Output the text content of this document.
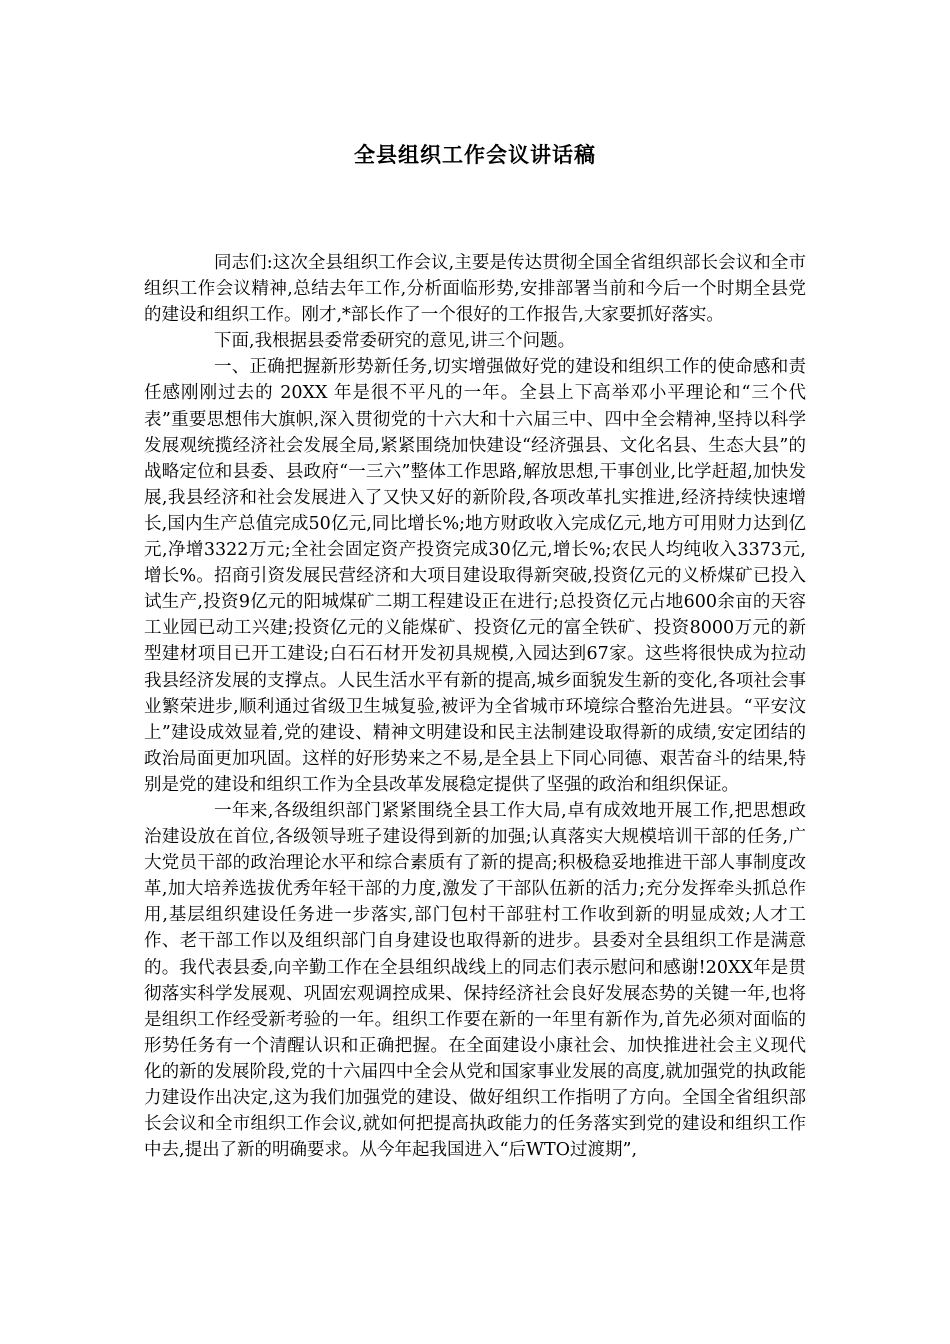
全县组织工作会议讲话稿

同志们:这次全县组织工作会议,主要是传达贯彻全国全省组织部长会议和全市组织工作会议精神,总结去年工作,分析面临形势,安排部署当前和今后一个时期全县党的建设和组织工作。刚才,*部长作了一个很好的工作报告,大家要抓好落实。

下面,我根据县委常委研究的意见,讲三个问题。

一、正确把握新形势新任务,切实增强做好党的建设和组织工作的使命感和责任感刚刚过去的 20XX 年是很不平凡的一年。全县上下高举邓小平理论和“三个代表”重要思想伟大旗帜,深入贯彻党的十六大和十六届三中、四中全会精神,坚持以科学发展观统揽经济社会发展全局,紧紧围绕加快建设“经济强县、文化名县、生态大县”的战略定位和县委、县政府“一三六”整体工作思路,解放思想,干事创业,比学赶超,加快发展,我县经济和社会发展进入了又快又好的新阶段,各项改革扎实推进,经济持续快速增长,国内生产总值完成50亿元,同比增长%;地方财政收入完成亿元,地方可用财力达到亿元,净增3322万元;全社会固定资产投资完成30亿元,增长%;农民人均纯收入3373元,增长%。招商引资发展民营经济和大项目建设取得新突破,投资亿元的义桥煤矿已投入试生产,投资9亿元的阳城煤矿二期工程建设正在进行;总投资亿元占地600余亩的天容工业园已动工兴建;投资亿元的义能煤矿、投资亿元的富全铁矿、投资8000万元的新型建材项目已开工建设;白石石材开发初具规模,入园达到67家。这些将很快成为拉动我县经济发展的支撑点。人民生活水平有新的提高,城乡面貌发生新的变化,各项社会事业繁荣进步,顺利通过省级卫生城复验,被评为全省城市环境综合整治先进县。“平安汶上”建设成效显着,党的建设、精神文明建设和民主法制建设取得新的成绩,安定团结的政治局面更加巩固。这样的好形势来之不易,是全县上下同心同德、艰苦奋斗的结果,特别是党的建设和组织工作为全县改革发展稳定提供了坚强的政治和组织保证。

一年来,各级组织部门紧紧围绕全县工作大局,卓有成效地开展工作,把思想政治建设放在首位,各级领导班子建设得到新的加强;认真落实大规模培训干部的任务,广大党员干部的政治理论水平和综合素质有了新的提高;积极稳妥地推进干部人事制度改革,加大培养选拔优秀年轻干部的力度,激发了干部队伍新的活力;充分发挥牵头抓总作用,基层组织建设任务进一步落实,部门包村干部驻村工作收到新的明显成效;人才工作、老干部工作以及组织部门自身建设也取得新的进步。县委对全县组织工作是满意的。我代表县委,向辛勤工作在全县组织战线上的同志们表示慰问和感谢!20XX年是贯彻落实科学发展观、巩固宏观调控成果、保持经济社会良好发展态势的关键一年,也将是组织工作经受新考验的一年。组织工作要在新的一年里有新作为,首先必须对面临的形势任务有一个清醒认识和正确把握。在全面建设小康社会、加快推进社会主义现代化的新的发展阶段,党的十六届四中全会从党和国家事业发展的高度,就加强党的执政能力建设作出决定,这为我们加强党的建设、做好组织工作指明了方向。全国全省组织部长会议和全市组织工作会议,就如何把提高执政能力的任务落实到党的建设和组织工作中去,提出了新的明确要求。从今年起我国进入“后WTO过渡期”,
